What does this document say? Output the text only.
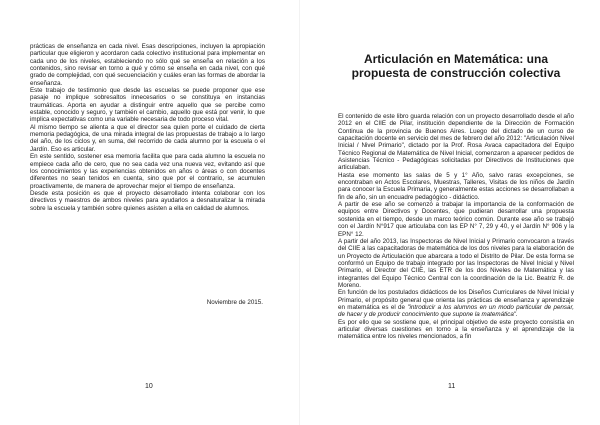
prácticas de enseñanza en cada nivel. Esas descripciones, incluyen la apropiación particular que eligieron y acordaron cada colectivo institucional para implementar en cada uno de los niveles, estableciendo no sólo qué se enseña en relación a los contenidos, sino revisar en torno a qué y cómo se enseña en cada nivel, con qué grado de complejidad, con qué secuenciación y cuáles eran las formas de abordar la enseñanza.

Este trabajo de testimonio que desde las escuelas se puede proponer que ese pasaje no implique sobresaltos innecesarios o se constituya en instancias traumáticas. Aporta en ayudar a distinguir entre aquello que se percibe como estable, conocido y seguro, y también el cambio, aquello que está por venir, lo que implica expectativas como una variable necesaria de todo proceso vital.

Al mismo tiempo se alienta a que el director sea quien porte el cuidado de cierta memoria pedagógica, de una mirada integral de las propuestas de trabajo a lo largo del año, de los ciclos y, en suma, del recorrido de cada alumno por la escuela o el Jardín. Eso es articular.

En este sentido, sostener esa memoria facilita que para cada alumno la escuela no empiece cada año de cero, que no sea cada vez una nueva vez, evitando así que los conocimientos y las experiencias obtenidos en años o áreas o con docentes diferentes no sean tenidos en cuenta, sino que por el contrario, se acumulen proactivamente, de manera de aprovechar mejor el tiempo de enseñanza.

Desde esta posición es que el proyecto desarrollado intenta colaborar con los directivos y maestros de ambos niveles para ayudarlos a desnaturalizar la mirada sobre la escuela y también sobre quienes asisten a ella en calidad de alumnos.

Noviembre de 2015.
10
Articulación en Matemática: una
propuesta de construcción colectiva

El contenido de este libro guarda relación con un proyecto desarrollado desde el año 2012 en el CIIE de Pilar, institución dependiente de la Dirección de Formación Continua de la provincia de Buenos Aires. Luego del dictado de un curso de capacitación docente en servicio del mes de febrero del año 2012: "Articulación Nivel Inicial / Nivel Primario", dictado por la Prof. Rosa Avaca capacitadora del Equipo Técnico Regional de Matemática de Nivel Inicial, comenzaron a aparecer pedidos de Asistencias Técnico - Pedagógicas solicitadas por Directivos de Instituciones que articulaban.

Hasta ese momento las salas de 5 y 1° Año, salvo raras excepciones, se encontraban en Actos Escolares, Muestras, Talleres, Visitas de los niños de Jardín para conocer la Escuela Primaria, y generalmente estas acciones se desarrollaban a fin de año, sin un encuadre pedagógico - didáctico.

A partir de ese año se comenzó a trabajar la importancia de la conformación de equipos entre Directivos y Docentes, que pudieran desarrollar una propuesta sostenida en el tiempo, desde un marco teórico común. Durante ese año se trabajó con el Jardín N°917 que articulaba con las EP N° 7, 29 y 40, y el Jardín N° 906 y la EPN° 12.

A partir del año 2013, las Inspectoras de Nivel Inicial y Primario convocaron a través del CIIE a las capacitadoras de matemática de los dos niveles para la elaboración de un Proyecto de Articulación que abarcara a todo el Distrito de Pilar. De esta forma se conformó un Equipo de trabajo integrado por las Inspectoras de Nivel Inicial y Nivel Primario, el Director del CIIE, las ETR de los dos Niveles de Matemática y las integrantes del Equipo Técnico Central con la coordinación de la Lic. Beatriz R. de Moreno.

En función de los postulados didácticos de los Diseños Curriculares de Nivel Inicial y Primario, el propósito general que orienta las prácticas de enseñanza y aprendizaje en matemática es el de "introducir a los alumnos en un modo particular de pensar, de hacer y de producir conocimiento que supone la matemática".

Es por ello que se sostiene que, el principal objetivo de este proyecto consistía en articular diversas cuestiones en torno a la enseñanza y el aprendizaje de la matemática entre los niveles mencionados, a fin

11
